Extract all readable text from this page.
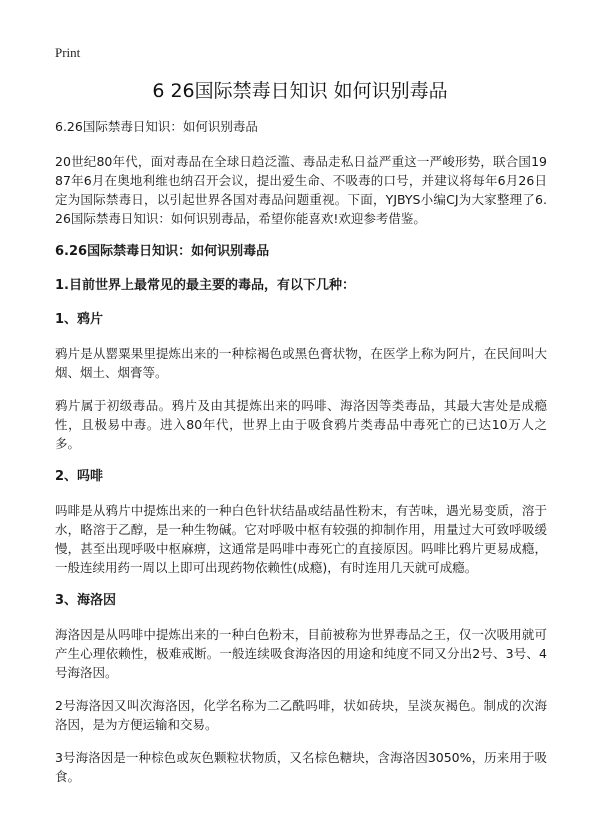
Print
6 26国际禁毒日知识 如何识别毒品

6.26国际禁毒日知识：如何识别毒品

20世纪80年代，面对毒品在全球日趋泛滥、毒品走私日益严重这一严峻形势，联合国1987年6月在奥地利维也纳召开会议，提出爱生命、不吸毒的口号，并建议将每年6月26日定为国际禁毒日，以引起世界各国对毒品问题重视。下面，YJBYS小编CJ为大家整理了6.26国际禁毒日知识：如何识别毒品，希望你能喜欢!欢迎参考借鉴。

6.26国际禁毒日知识：如何识别毒品

1.目前世界上最常见的最主要的毒品，有以下几种：

1、鸦片

鸦片是从罂粟果里提炼出来的一种棕褐色或黑色膏状物，在医学上称为阿片，在民间叫大烟、烟土、烟膏等。

鸦片属于初级毒品。鸦片及由其提炼出来的吗啡、海洛因等类毒品，其最大害处是成瘾性，且极易中毒。进入80年代，世界上由于吸食鸦片类毒品中毒死亡的已达10万人之多。

2、吗啡

吗啡是从鸦片中提炼出来的一种白色针状结晶或结晶性粉末，有苦味，遇光易变质，溶于水，略溶于乙醇，是一种生物碱。它对呼吸中枢有较强的抑制作用，用量过大可致呼吸缓慢，甚至出现呼吸中枢麻痹，这通常是吗啡中毒死亡的直接原因。吗啡比鸦片更易成瘾，一般连续用药一周以上即可出现药物依赖性(成瘾)，有时连用几天就可成瘾。

3、海洛因

海洛因是从吗啡中提炼出来的一种白色粉末，目前被称为世界毒品之王，仅一次吸用就可产生心理依赖性，极难戒断。一般连续吸食海洛因的用途和纯度不同又分出2号、3号、4号海洛因。

2号海洛因又叫次海洛因，化学名称为二乙酰吗啡，状如砖块，呈淡灰褐色。制成的次海洛因，是为方便运输和交易。

3号海洛因是一种棕色或灰色颗粒状物质，又名棕色糖块，含海洛因3050%，历来用于吸食。
